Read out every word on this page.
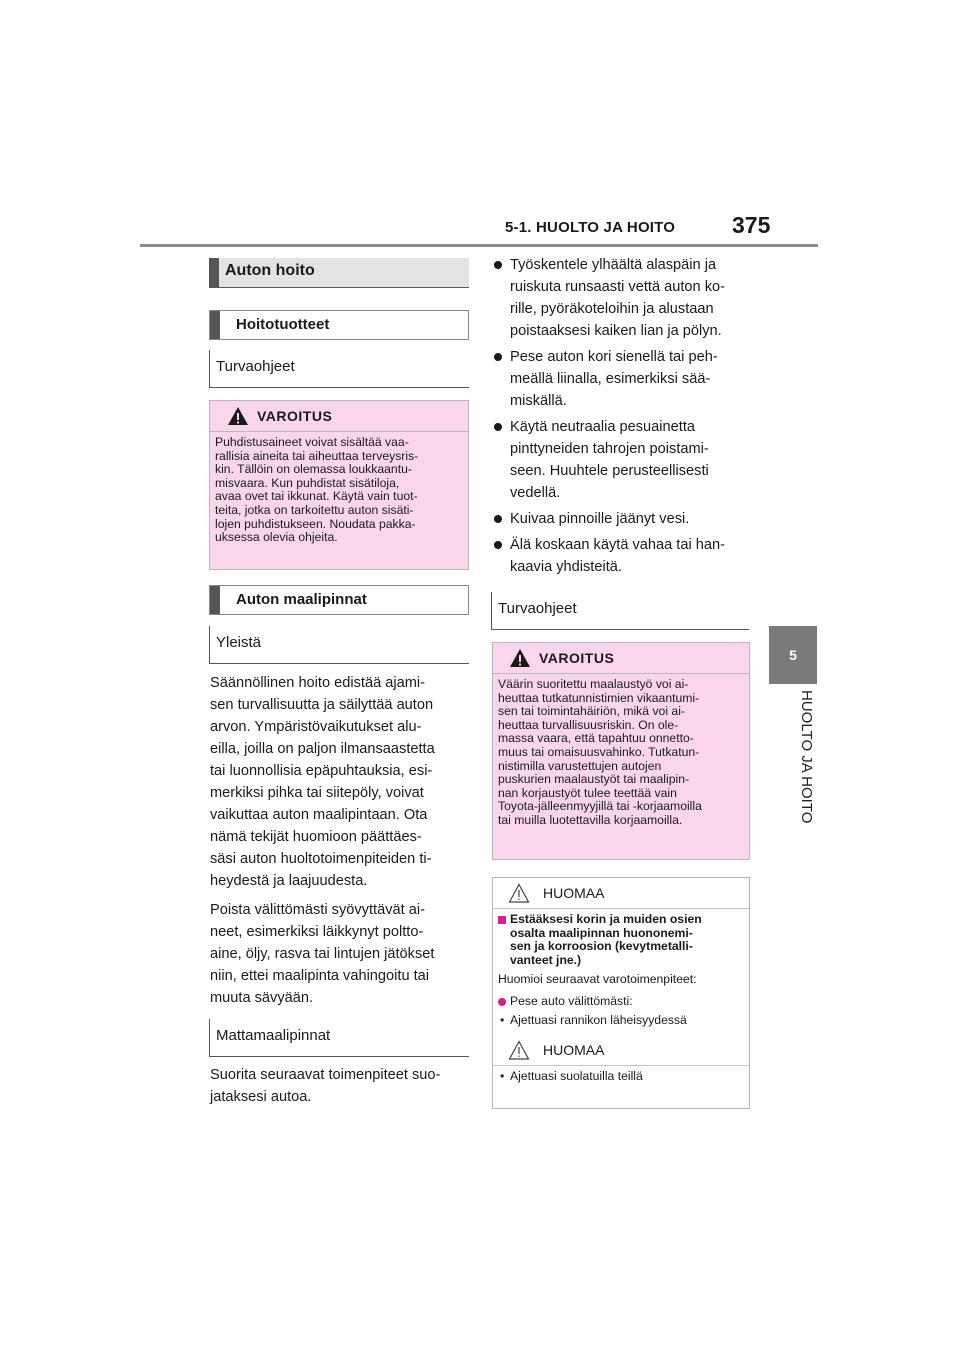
5-1. HUOLTO JA HOITO 375
5
HUOLTO JA HOITO
Auton hoito
Hoitotuotteet
Turvaohjeet
VAROITUS
Puhdistusaineet voivat sisältää vaa-
rallisia aineita tai aiheuttaa terveysris-
kin. Tällöin on olemassa loukkaantu-
misvaara. Kun puhdistat sisätiloja,
avaa ovet tai ikkunat. Käytä vain tuot-
teita, jotka on tarkoitettu auton sisäti-
lojen puhdistukseen. Noudata pakka-
uksessa olevia ohjeita.
Auton maalipinnat
Yleistä
Säännöllinen hoito edistää ajami-
sen turvallisuutta ja säilyttää auton
arvon. Ympäristövaikutukset alu-
eilla, joilla on paljon ilmansaastetta
tai luonnollisia epäpuhtauksia, esi-
merkiksi pihka tai siitepöly, voivat
vaikuttaa auton maalipintaan. Ota
nämä tekijät huomioon päättäes-
säsi auton huoltotoimenpiteiden ti-
heydestä ja laajuudesta.
Poista välittömästi syövyttävät ai-
neet, esimerkiksi läikkynyt poltto-
aine, öljy, rasva tai lintujen jätökset
niin, ettei maalipinta vahingoitu tai
muuta sävyään.
Mattamaalipinnat
Suorita seuraavat toimenpiteet suo-
jataksesi autoa.
Työskentele ylhäältä alaspäin ja
ruiskuta runsaasti vettä auton ko-
rille, pyöräkoteloihin ja alustaan
poistaaksesi kaiken lian ja pölyn.
Pese auton kori sienellä tai peh-
meällä liinalla, esimerkiksi sää-
miskällä.
Käytä neutraalia pesuainetta
pinttyneiden tahrojen poistami-
seen. Huuhtele perusteellisesti
vedellä.
Kuivaa pinnoille jäänyt vesi.
Älä koskaan käytä vahaa tai han-
kaavia yhdisteitä.
Turvaohjeet
VAROITUS
Väärin suoritettu maalaustyö voi ai-
heuttaa tutkatunnistimien vikaantumi-
sen tai toimintahäiriön, mikä voi ai-
heuttaa turvallisuusriskin. On ole-
massa vaara, että tapahtuu onnetto-
muus tai omaisuusvahinko. Tutkatun-
nistimilla varustettujen autojen
puskurien maalaustyöt tai maalipin-
nan korjaustyöt tulee teettää vain
Toyota-jälleenmyyjillä tai -korjaamoilla
tai muilla luotettavilla korjaamoilla.
HUOMAA
Estääksesi korin ja muiden osien
osalta maalipinnan huononemi-
sen ja korroosion (kevytmetalli-
vanteet jne.)
Huomioi seuraavat varotoimenpiteet:
Pese auto välittömästi:
• Ajettuasi rannikon läheisyydessä
HUOMAA
• Ajettuasi suolatuilla teillä
